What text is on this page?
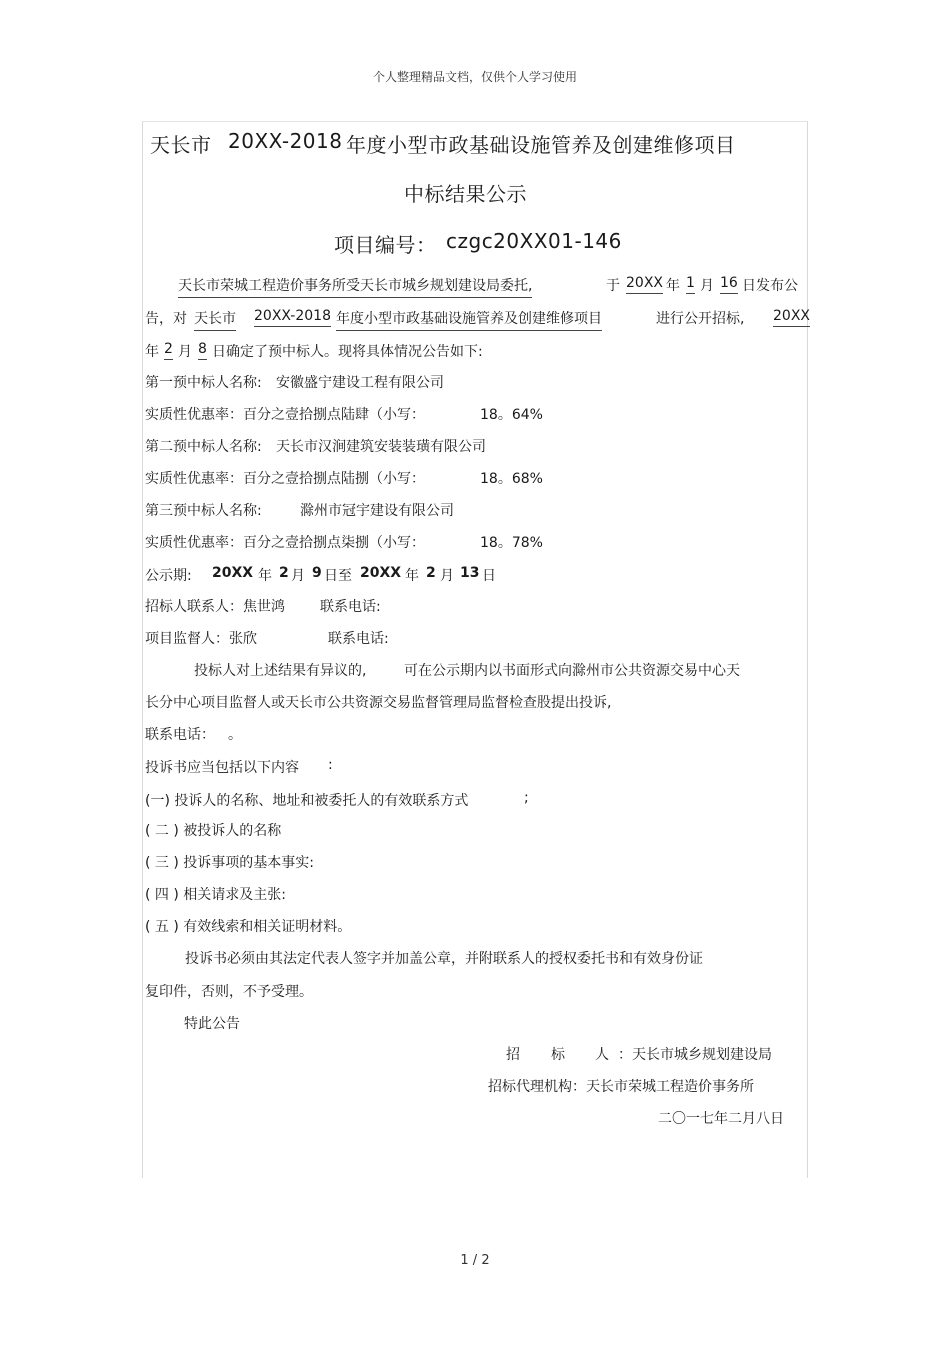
个人整理精品文档，仅供个人学习使用
天长市 20XX-2018 年度小型市政基础设施管养及创建维修项目
中标结果公示
项目编号： czgc20XX01-146
天长市荣城工程造价事务所受天长市城乡规划建设局委托,	于 20XX 年 1 月 16 日发布公
告，对 天长市 20XX-2018 年度小型市政基础设施管养及创建维修项目	进行公开招标, 20XX
年 2 月 8 日确定了预中标人。现将具体情况公告如下:
第一预中标人名称: 安徽盛宁建设工程有限公司
实质性优惠率：百分之壹拾捌点陆肆（小写：	18。64%
第二预中标人名称: 天长市汉涧建筑安装装璜有限公司
实质性优惠率：百分之壹拾捌点陆捌（小写：	18。68%
第三预中标人名称:	滁州市冠宇建设有限公司
实质性优惠率：百分之壹拾捌点柒捌（小写：	18。78%
公示期: 20XX 年 2 月 9 日至 20XX 年 2 月 13 日
招标人联系人：焦世鸿	联系电话:
项目监督人：张欣	联系电话:
投标人对上述结果有异议的,	可在公示期内以书面形式向滁州市公共资源交易中心天
长分中心项目监督人或天长市公共资源交易监督管理局监督检查股提出投诉,
联系电话： 。
投诉书应当包括以下内容 :
(一) 投诉人的名称、地址和被委托人的有效联系方式	;
( 二 ) 被投诉人的名称
( 三 ) 投诉事项的基本事实:
( 四 ) 相关请求及主张:
( 五 ) 有效线索和相关证明材料。
投诉书必须由其法定代表人签字并加盖公章，并附联系人的授权委托书和有效身份证
复印件，否则，不予受理。
特此公告
招 标 人 ：天长市城乡规划建设局
招标代理机构：天长市荣城工程造价事务所
二〇一七年二月八日
1 / 2
